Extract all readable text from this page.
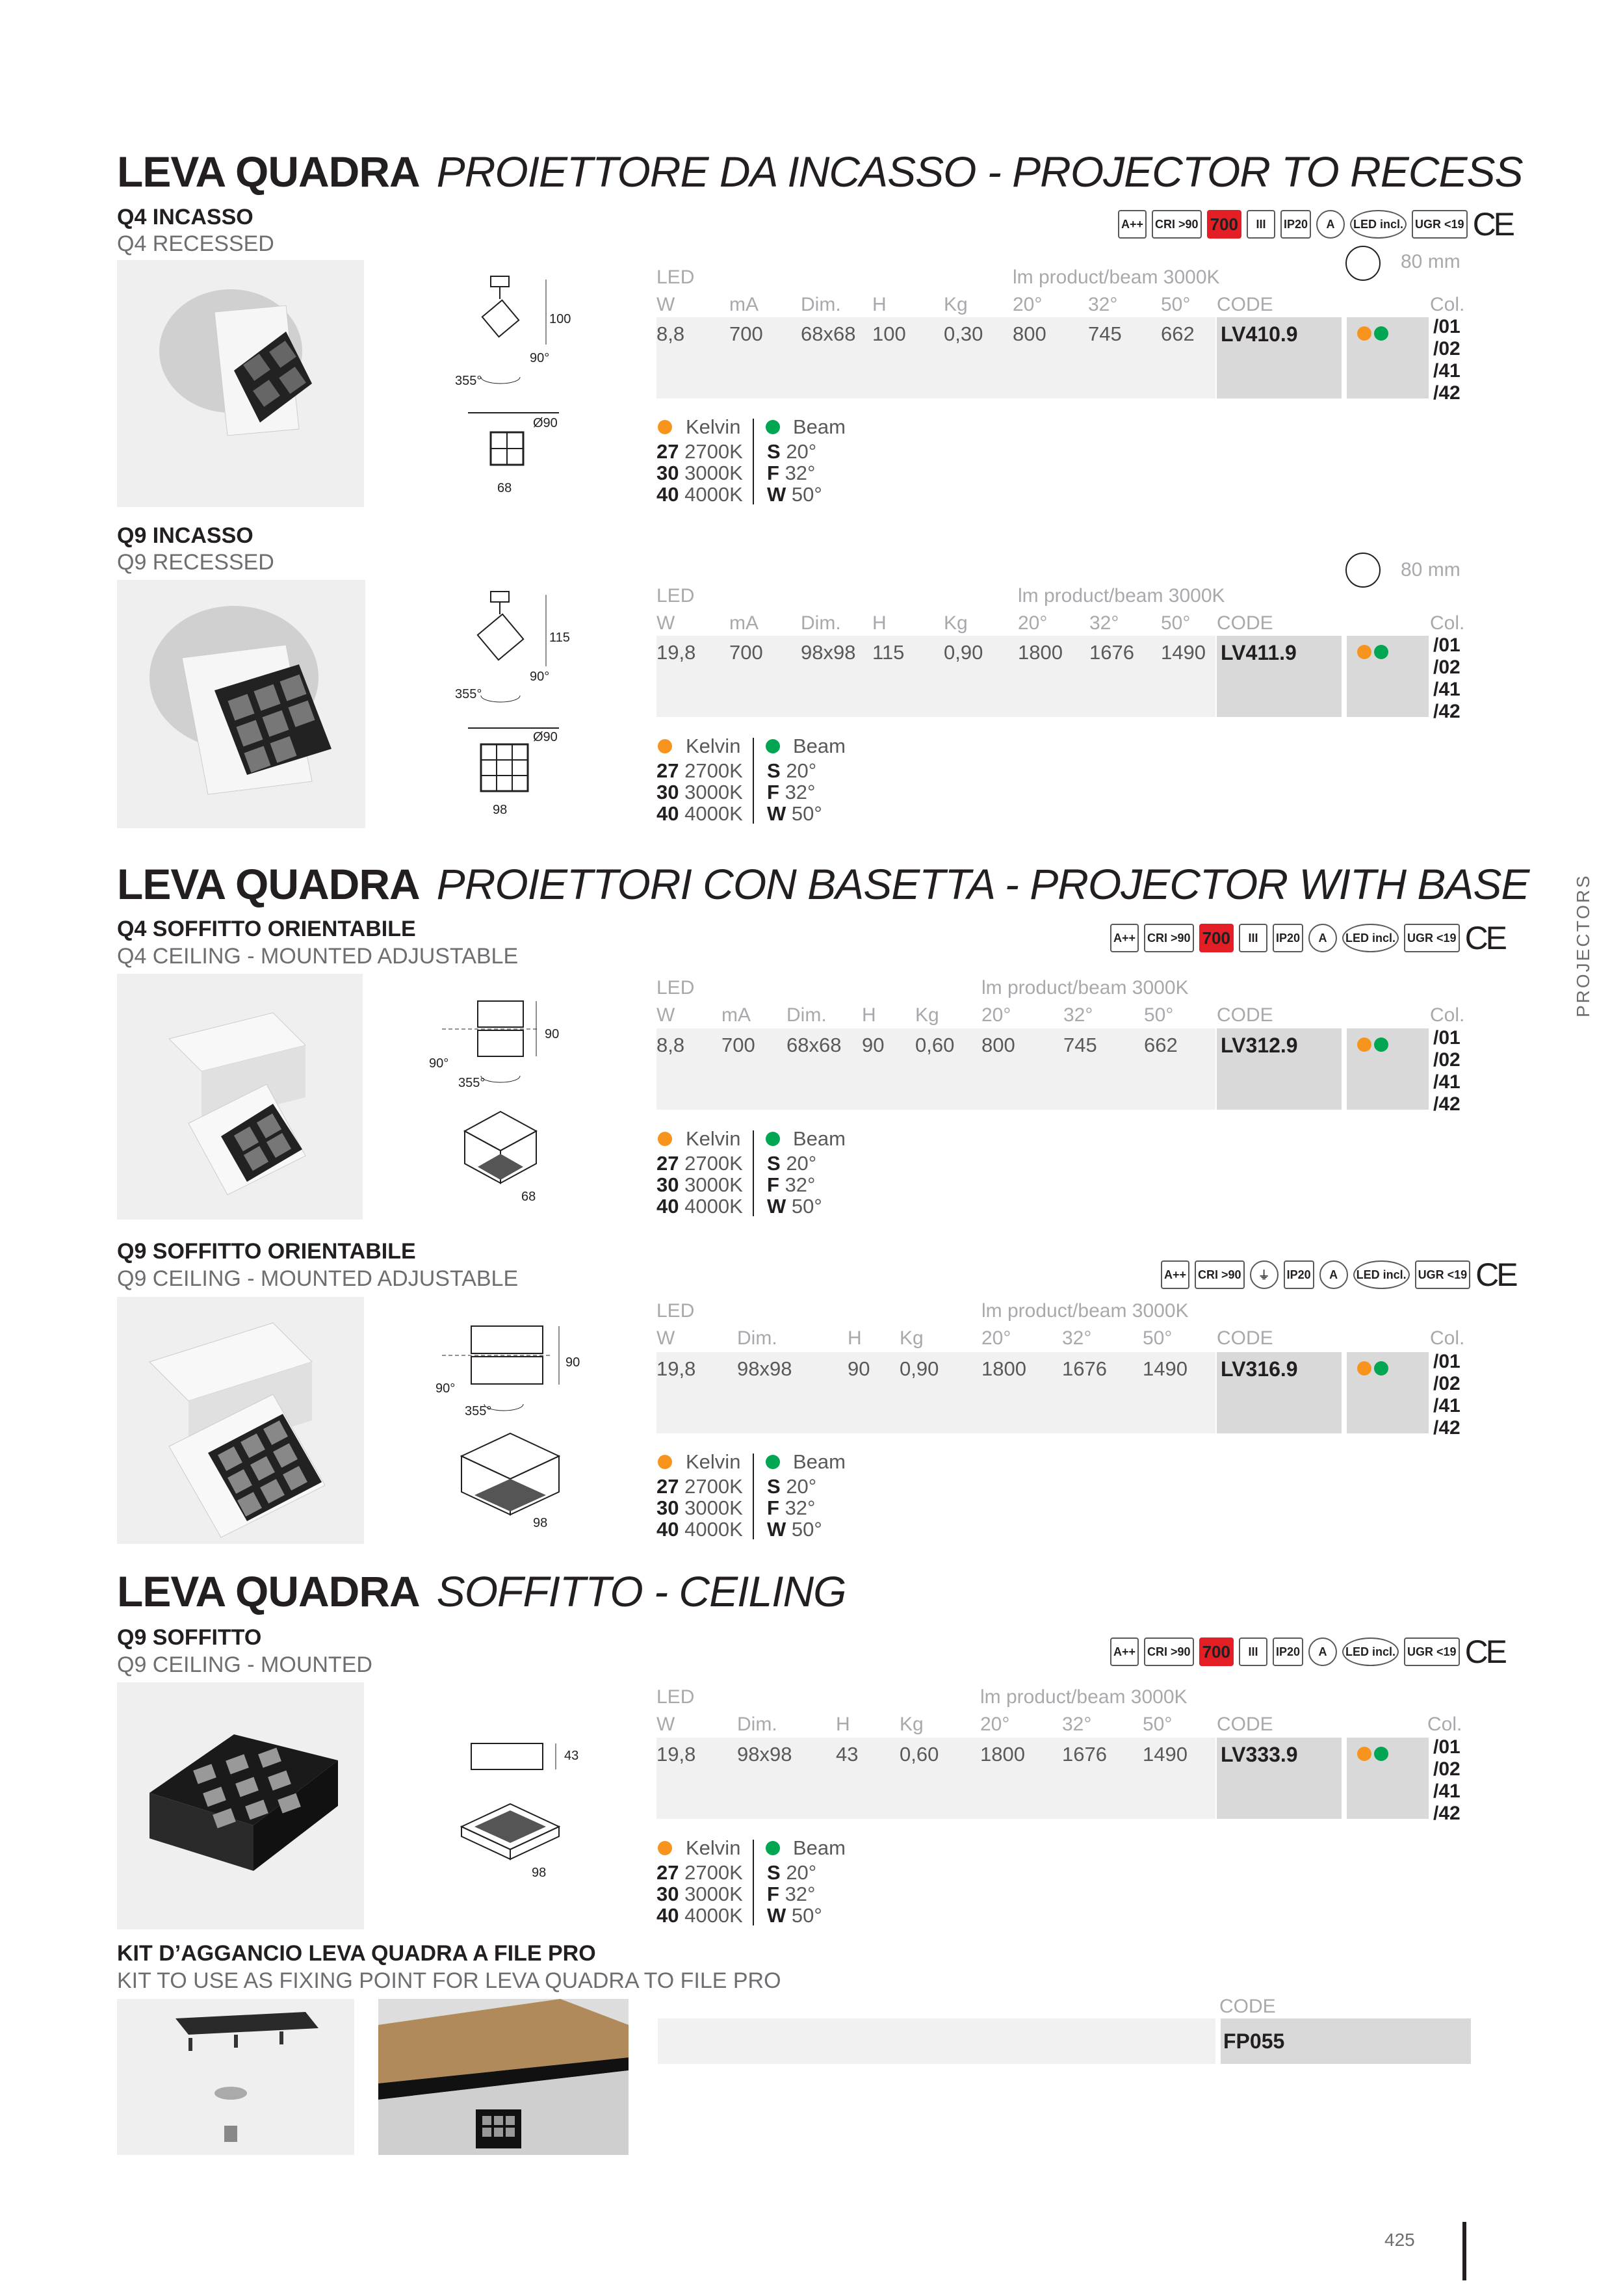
LEVA QUADRA PROIETTORE DA INCASSO - PROJECTOR TO RECESS
Q4 INCASSO
Q4 RECESSED
100
90°
355°
Ø90
68
A++ CRI >90 700	III	IP20	A	LED incl. UGR <19 CE
80 mm
LED	lm product/beam 3000K
W	mA Dim. H	Kg 20° 32° 50° CODE	Col.
8,8 700 68x68 100 0,30 800 745 662 LV410.9
	/01
/02
/41
/42
Kelvin	Beam
27 2700K
30 3000K
40 4000K
S 20°
F 32°
W 50°
Q9 INCASSO
Q9 RECESSED
115
90°
355°
Ø90
98
80 mm
LED	lm product/beam 3000K
W	mA Dim. H	Kg	20° 32° 50° CODE	Col.
19,8 700 98x98 115 0,90 1800 1676 1490 LV411.9
	/01
/02
/41
/42
Kelvin	Beam
27 2700K
30 3000K
40 4000K
S 20°
F 32°
W 50°
LEVA QUADRA PROIETTORI CON BASETTA - PROJECTOR WITH BASE PROJECTORS
Q4 SOFFITTO ORIENTABILE
Q4 CEILING - MOUNTED ADJUSTABLE
A++ CRI >90 700	III	IP20	A	LED incl. UGR <19 CE
90
90°
355°
68
LED	lm product/beam 3000K
W mA Dim. H Kg 20°	32°	50° CODE	Col.
8,8 700 68x68 90 0,60 800 745 662 LV312.9
	/01
/02
/41
/42
Kelvin	Beam
27 2700K
30 3000K
40 4000K
S 20°
F 32°
W 50°
Q9 SOFFITTO ORIENTABILE
Q9 CEILING - MOUNTED ADJUSTABLE	A++ CRI >90	⏚	IP20	A	LED incl. UGR <19 CE
90
90°
355°
98
LED	lm product/beam 3000K
W	Dim.	H Kg	20°	32°	50° CODE	Col.
19,8 98x98	90 0,90 1800 1676 1490 LV316.9
	/01
/02
/41
/42
Kelvin	Beam
27 2700K
30 3000K
40 4000K
S 20°
F 32°
W 50°
LEVA QUADRA SOFFITTO - CEILING
Q9 SOFFITTO
Q9 CEILING - MOUNTED
A++ CRI >90 700	III	IP20	A	LED incl. UGR <19 CE
43
98
LED	lm product/beam 3000K
W	Dim.	H	Kg	20°	32°	50° CODE	Col.
19,8 98x98 43 0,60 1800 1676 1490 LV333.9
	/01
/02
/41
/42
Kelvin	Beam
27 2700K
30 3000K
40 4000K
S 20°
F 32°
W 50°
KIT D’AGGANCIO LEVA QUADRA A FILE PRO
KIT TO USE AS FIXING POINT FOR LEVA QUADRA TO FILE PRO
CODE
FP055
425
